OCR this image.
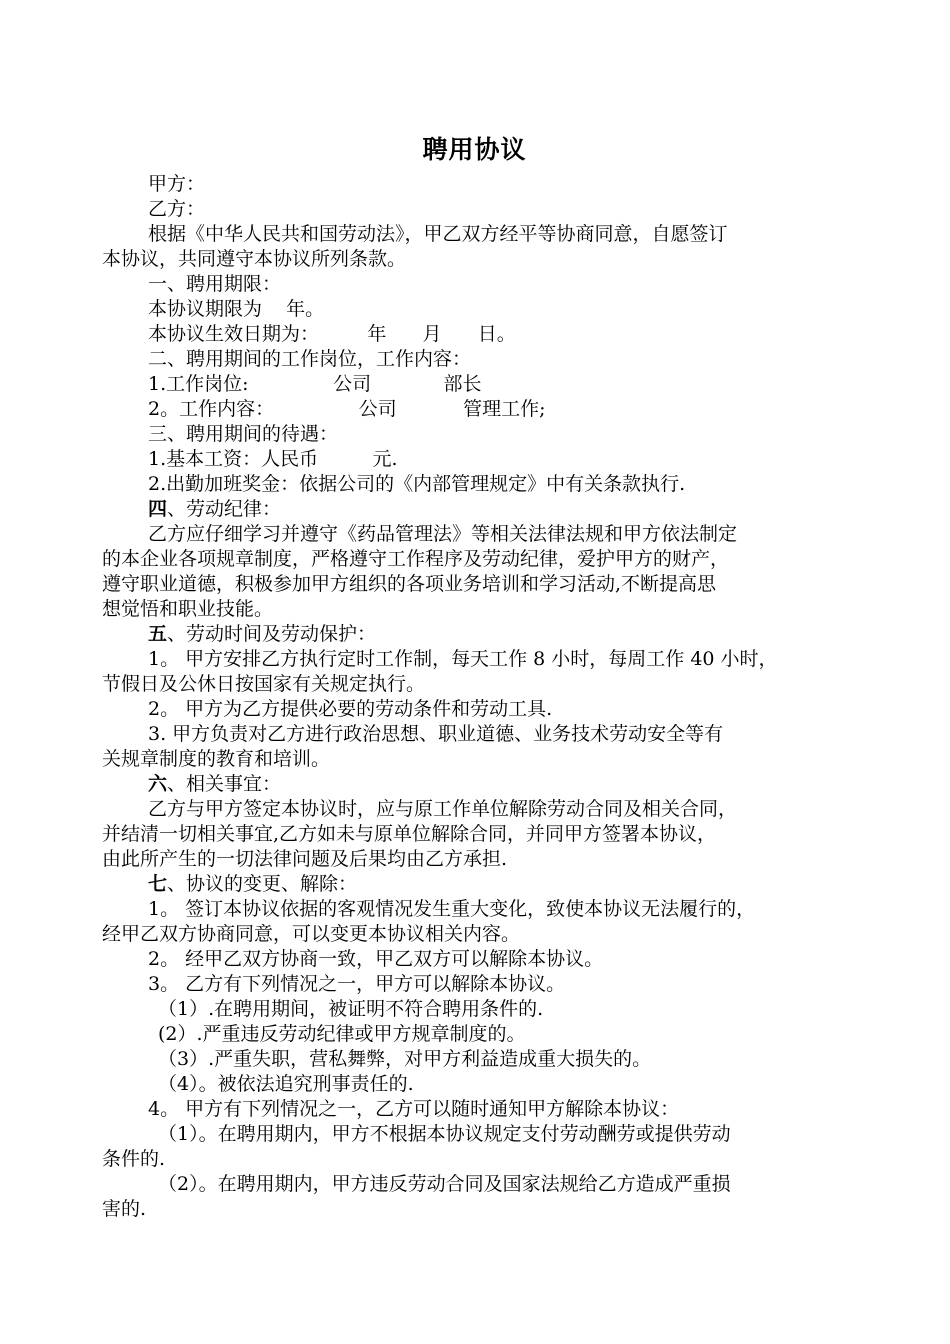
聘用协议
甲方：
乙方：
根据《中华人民共和国劳动法》，甲乙双方经平等协商同意，自愿签订
本协议，共同遵守本协议所列条款。
一、聘用期限：
本协议期限为    年。
本协议生效日期为：        年      月      日。
二、聘用期间的工作岗位，工作内容：
1.工作岗位:              公司            部长
2。工作内容：              公司           管理工作;
三、聘用期间的待遇：
1.基本工资：人民币         元.
2.出勤加班奖金：依据公司的《内部管理规定》中有关条款执行.
四、劳动纪律：
乙方应仔细学习并遵守《药品管理法》等相关法律法规和甲方依法制定
的本企业各项规章制度，严格遵守工作程序及劳动纪律，爱护甲方的财产，
遵守职业道德，积极参加甲方组织的各项业务培训和学习活动,不断提高思
想觉悟和职业技能。
五、劳动时间及劳动保护：
1。 甲方安排乙方执行定时工作制，每天工作 8 小时，每周工作 40 小时，
节假日及公休日按国家有关规定执行。
2。 甲方为乙方提供必要的劳动条件和劳动工具.
3. 甲方负责对乙方进行政治思想、职业道德、业务技术劳动安全等有
关规章制度的教育和培训。
六、相关事宜：
乙方与甲方签定本协议时，应与原工作单位解除劳动合同及相关合同，
并结清一切相关事宜,乙方如未与原单位解除合同，并同甲方签署本协议，
由此所产生的一切法律问题及后果均由乙方承担.
七、协议的变更、解除：
1。 签订本协议依据的客观情况发生重大变化，致使本协议无法履行的，
经甲乙双方协商同意，可以变更本协议相关内容。
2。 经甲乙双方协商一致，甲乙双方可以解除本协议。
3。 乙方有下列情况之一，甲方可以解除本协议。
（1）.在聘用期间，被证明不符合聘用条件的.
(2）.严重违反劳动纪律或甲方规章制度的。
（3）.严重失职，营私舞弊，对甲方利益造成重大损失的。
（4）。被依法追究刑事责任的.
4。 甲方有下列情况之一，乙方可以随时通知甲方解除本协议：
（1）。在聘用期内，甲方不根据本协议规定支付劳动酬劳或提供劳动
条件的.
（2）。在聘用期内，甲方违反劳动合同及国家法规给乙方造成严重损
害的.
